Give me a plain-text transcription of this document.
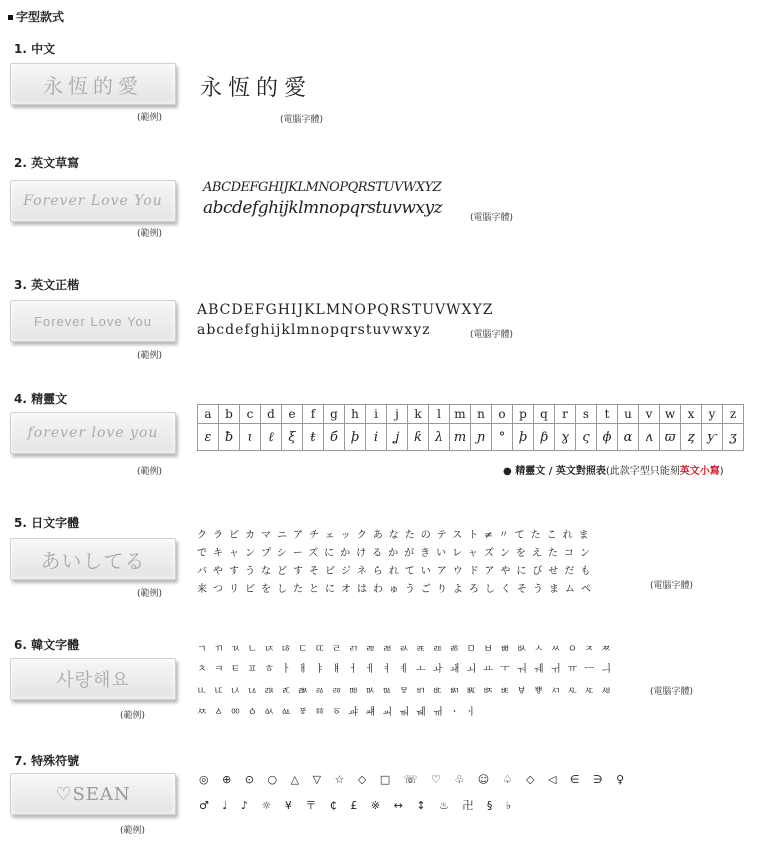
字型款式
1. 中文
永恆的愛
(範例)
永恆的愛
(電腦字體)
2. 英文草寫
Forever Love You
(範例)
ABCDEFGHIJKLMNOPQRSTUVWXYZ
abcdefghijklmnopqrstuvwxyz	(電腦字體)
3. 英文正楷
Forever Love You
(範例)
ABCDEFGHIJKLMNOPQRSTUVWXYZ
abcdefghijklmnopqrstuvwxyz	(電腦字體)
4. 精靈文
forever love you
(範例)
a	b	c	d	e	f	g	h	i	j	k	l	m	n	o	p	q	r	s	t	u	v	w	x	y	z
ε	ƀ	ɩ	ℓ	ξ	ŧ	б	þ	i	ʝ	ƙ	λ	m	ɲ	°	ϸ	ƥ	ɣ	ς	ϕ	ɑ	ʌ	ϖ	ȥ	ƴ	ʒ
● 精靈文 / 英文對照表(此款字型只能刻英文小寫)
5. 日文字體
あいしてる
(範例)
クラピカマニアチェックあなたのテスト≠〃てたこれま
でキャンプシーズにかけるかがきいレャズンをえたコン
バやすうなどすそビジネられていアウドアやにびせだも
来つリピをしたとにオはわゅうごりよろしくそうまムペ	(電腦字體)
6. 韓文字體
사랑해요
(範例)
ㄱ ㄲ ㄳ ㄴ ㄵ ㄶ ㄷ ㄸ ㄹ ㄺ ㄻ ㄼ ㄽ ㄾ ㄿ ㅀ ㅁ ㅂ ㅃ ㅄ ㅅ ㅆ ㅇ ㅈ ㅉ
ㅊ ㅋ ㅌ ㅍ ㅎ ㅏ ㅐ ㅑ ㅒ ㅓ ㅔ ㅕ ㅖ ㅗ ㅘ ㅙ ㅚ ㅛ ㅜ ㅝ ㅞ ㅟ ㅠ ㅡ ㅢ
ㅥ ㅦ ㅧ ㅨ ㅩ ㅪ ㅫ ㅬ ㅭ ㅮ ㅯ ㅰ ㅱ ㅲ ㅳ ㅴ ㅵ ㅶ ㅷ ㅸ ㅹ ㅺ ㅻ ㅼ ㅽ
ㅾ ㅿ ㆀ ㆁ ㆂ ㆃ ㆄ ㆅ ㆆ ㆇ ㆈ ㆉ ㆊ ㆋ ㆌ ㆍ ㆎ
(電腦字體)
7. 特殊符號
♡SEAN
(範例)
◎ ⊕ ⊙ ○ △ ▽ ☆ ◇ □ ☏ ♡ ♧ ☺ ♤ ◇ ◁ ∈ ∋ ♀
♂ ♩ ♪ ☼ ¥ 〒 ₵ £ ※ ↔ ↕ ♨ 卍 § ♭
